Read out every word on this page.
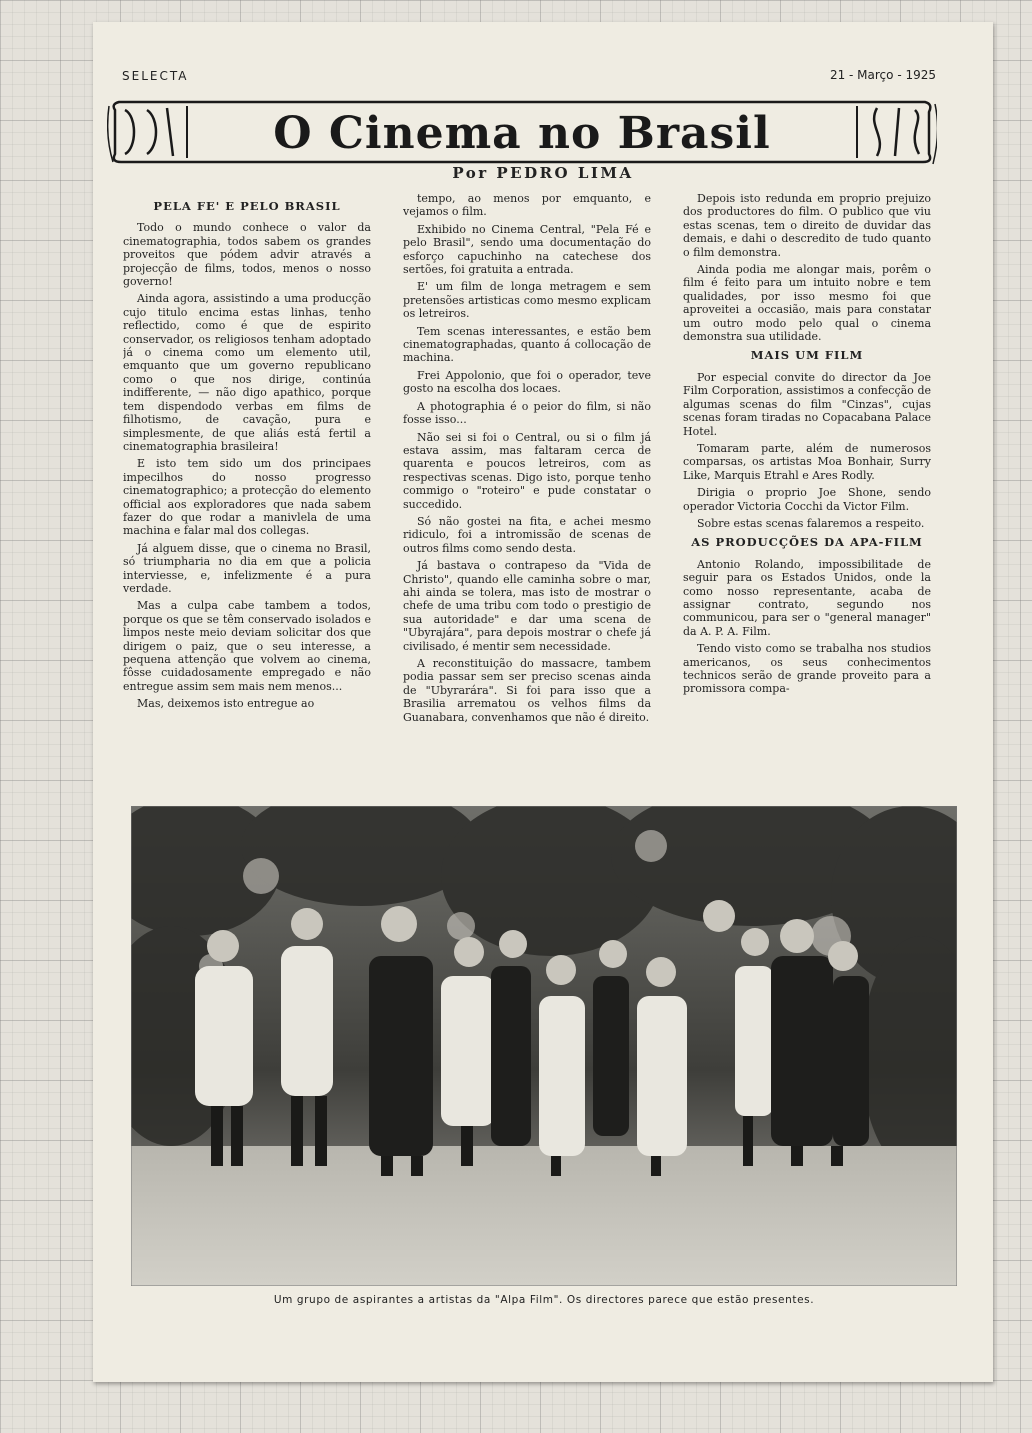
SELECTA	21 - Março - 1925
O Cinema no Brasil
Por PEDRO LIMA
PELA FE' E PELO BRASIL

Todo o mundo conhece o valor da cinematographia, todos sabem os grandes proveitos que pódem advir através a projecção de films, todos, menos o nosso governo!

Ainda agora, assistindo a uma producção cujo titulo encima estas linhas, tenho reflectido, como é que de espirito conservador, os religiosos tenham adoptado já o cinema como um elemento util, emquanto que um governo republicano como o que nos dirige, continúa indifferente, — não digo apathico, porque tem dispendodo verbas em films de filhotismo, de cavação, pura e simplesmente, de que aliás está fertil a cinematographia brasileira!

E isto tem sido um dos principaes impecilhos do nosso progresso cinematographico; a protecção do elemento official aos exploradores que nada sabem fazer do que rodar a manivlela de uma machina e falar mal dos collegas.

Já alguem disse, que o cinema no Brasil, só triumpharia no dia em que a policia interviesse, e, infelizmente é a pura verdade.

Mas a culpa cabe tambem a todos, porque os que se têm conservado isolados e limpos neste meio deviam solicitar dos que dirigem o paiz, que o seu interesse, a pequena attenção que volvem ao cinema, fôsse cuidadosamente empregado e não entregue assim sem mais nem menos...

Mas, deixemos isto entregue ao

tempo, ao menos por emquanto, e vejamos o film.

Exhibido no Cinema Central, "Pela Fé e pelo Brasil", sendo uma documentação do esforço capuchinho na catechese dos sertões, foi gratuita a entrada.

E' um film de longa metragem e sem pretensões artisticas como mesmo explicam os letreiros.

Tem scenas interessantes, e estão bem cinematographadas, quanto á collocação de machina.

Frei Appolonio, que foi o operador, teve gosto na escolha dos locaes.

A photographia é o peior do film, si não fosse isso...

Não sei si foi o Central, ou si o film já estava assim, mas faltaram cerca de quarenta e poucos letreiros, com as respectivas scenas. Digo isto, porque tenho commigo o "roteiro" e pude constatar o succedido.

Só não gostei na fita, e achei mesmo ridiculo, foi a intromissão de scenas de outros films como sendo desta.

Já bastava o contrapeso da "Vida de Christo", quando elle caminha sobre o mar, ahi ainda se tolera, mas isto de mostrar o chefe de uma tribu com todo o prestigio de sua autoridade" e dar uma scena de "Ubyrajára", para depois mostrar o chefe já civilisado, é mentir sem necessidade.

A reconstituição do massacre, tambem podia passar sem ser preciso scenas ainda de "Ubyrarára". Si foi para isso que a Brasilia arrematou os velhos films da Guanabara, convenhamos que não é direito.

Depois isto redunda em proprio prejuizo dos productores do film. O publico que viu estas scenas, tem o direito de duvidar das demais, e dahi o descredito de tudo quanto o film demonstra.

Ainda podia me alongar mais, porêm o film é feito para um intuito nobre e tem qualidades, por isso mesmo foi que aproveitei a occasião, mais para constatar um outro modo pelo qual o cinema demonstra sua utilidade.

MAIS UM FILM

Por especial convite do director da Joe Film Corporation, assistimos a confecção de algumas scenas do film "Cinzas", cujas scenas foram tiradas no Copacabana Palace Hotel.

Tomaram parte, além de numerosos comparsas, os artistas Moa Bonhair, Surry Like, Marquis Etrahl e Ares Rodly.

Dirigia o proprio Joe Shone, sendo operador Victoria Cocchi da Victor Film.

Sobre estas scenas falaremos a respeito.

AS PRODUCÇÕES DA APA-FILM

Antonio Rolando, impossibilitade de seguir para os Estados Unidos, onde la como nosso representante, acaba de assignar contrato, segundo nos communicou, para ser o "general manager" da A. P. A. Film.

Tendo visto como se trabalha nos studios americanos, os seus conhecimentos technicos serão de grande proveito para a promissora compa-

Um grupo de aspirantes a artistas da "Alpa Film". Os directores parece que estão presentes.
